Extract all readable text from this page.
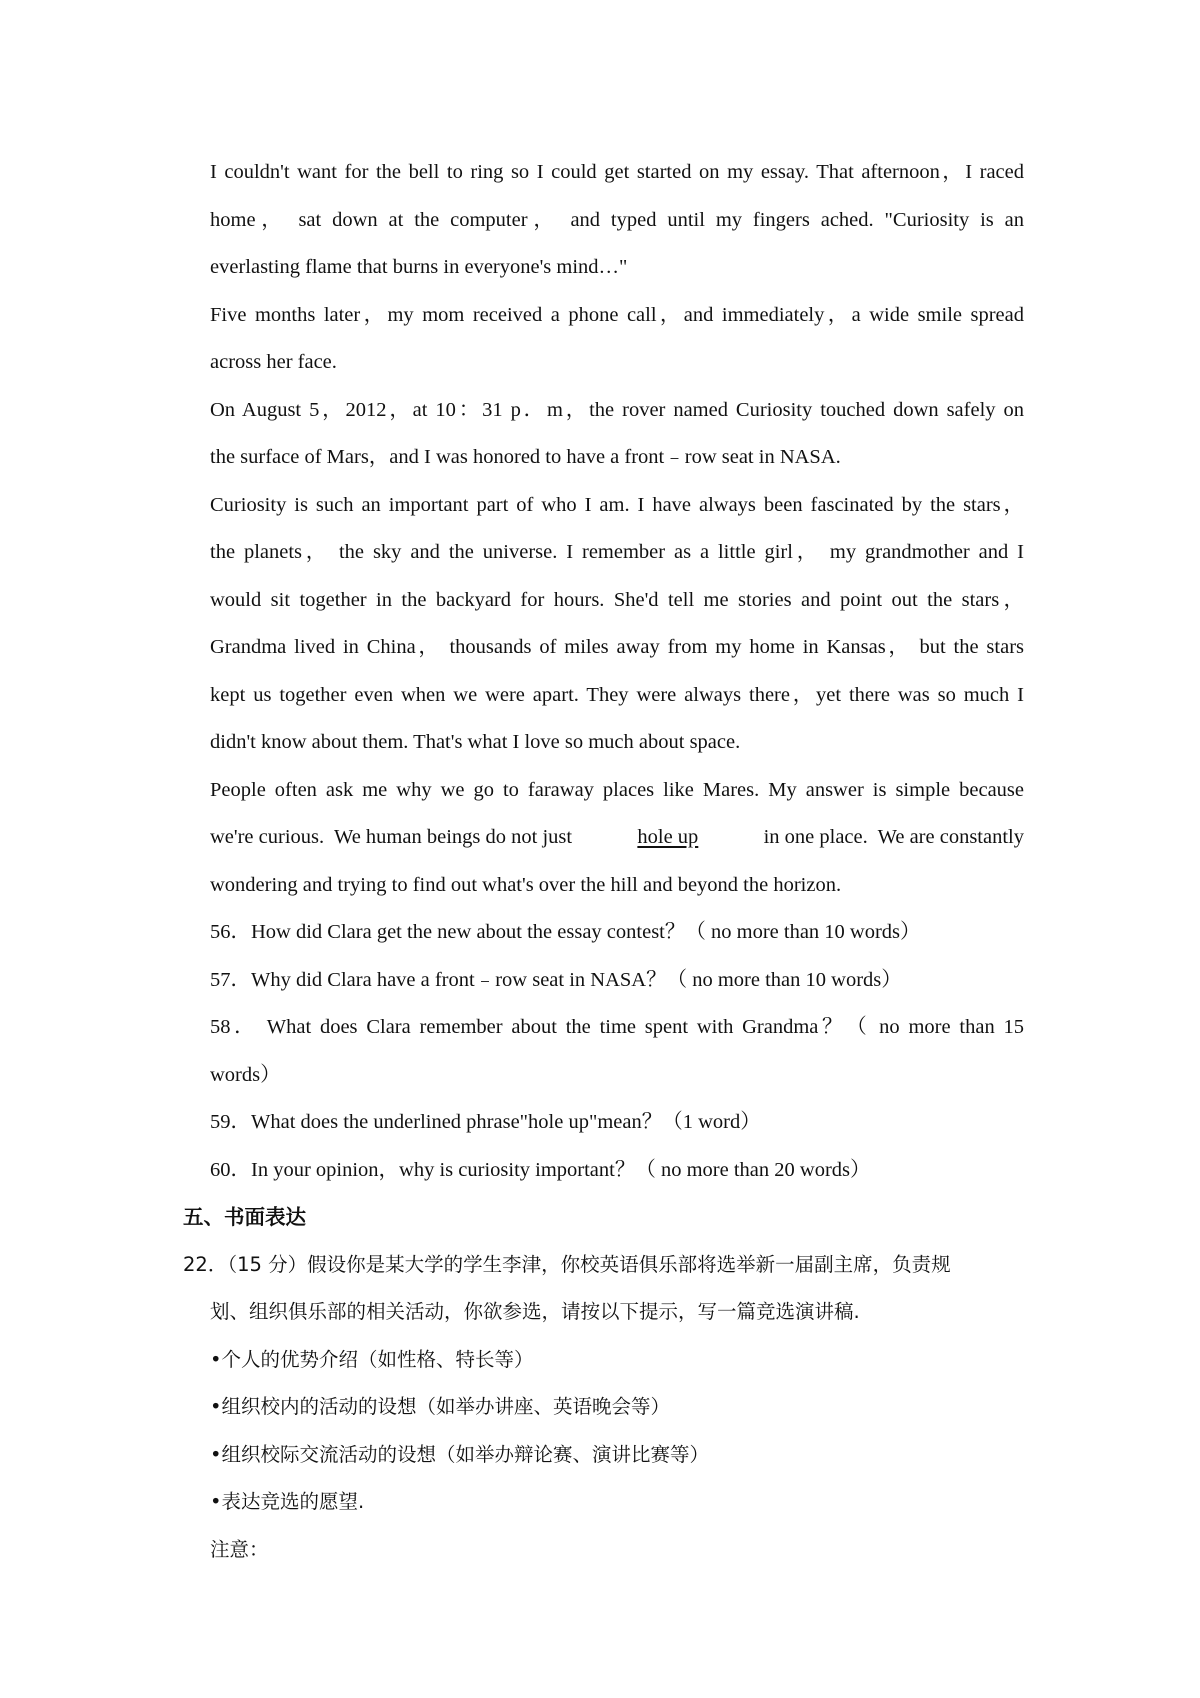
I couldn't want for the bell to ring so I could get started on my essay. That afternoon，I raced
home， sat down at the computer， and typed until my fingers ached. "Curiosity is an
everlasting flame that burns in everyone's mind…"
Five months later，my mom received a phone call，and immediately，a wide smile spread
across her face.
On August 5，2012，at 10：31 p．m，the rover named Curiosity touched down safely on
the surface of Mars，and I was honored to have a front﹣row seat in NASA.
Curiosity is such an important part of who I am. I have always been fascinated by the stars，
the planets， the sky and the universe. I remember as a little girl， my grandmother and I
would sit together in the backyard for hours. She'd tell me stories and point out the stars，
Grandma lived in China， thousands of miles away from my home in Kansas， but the stars
kept us together even when we were apart. They were always there，yet there was so much I
didn't know about them. That's what I love so much about space.
People often ask me why we go to faraway places like Mares. My answer is simple because
we're curious.  We human beings do not just	hole up	in one place.  We are constantly
wondering and trying to find out what's over the hill and beyond the horizon.
56．How did Clara get the new about the essay contest？（ no more than 10 words）
57．Why did Clara have a front﹣row seat in NASA？（ no more than 10 words）
58． What does Clara remember about the time spent with Grandma？（ no more than 15
words）
59．What does the underlined phrase"hole up"mean？（1 word）
60．In your opinion，why is curiosity important？（ no more than 20 words）
五、书面表达
22．（15 分）假设你是某大学的学生李津，你校英语俱乐部将选举新一届副主席，负责规
划、组织俱乐部的相关活动，你欲参选，请按以下提示，写一篇竞选演讲稿.
•个人的优势介绍（如性格、特长等）
•组织校内的活动的设想（如举办讲座、英语晚会等）
•组织校际交流活动的设想（如举办辩论赛、演讲比赛等）
•表达竞选的愿望.
注意：
